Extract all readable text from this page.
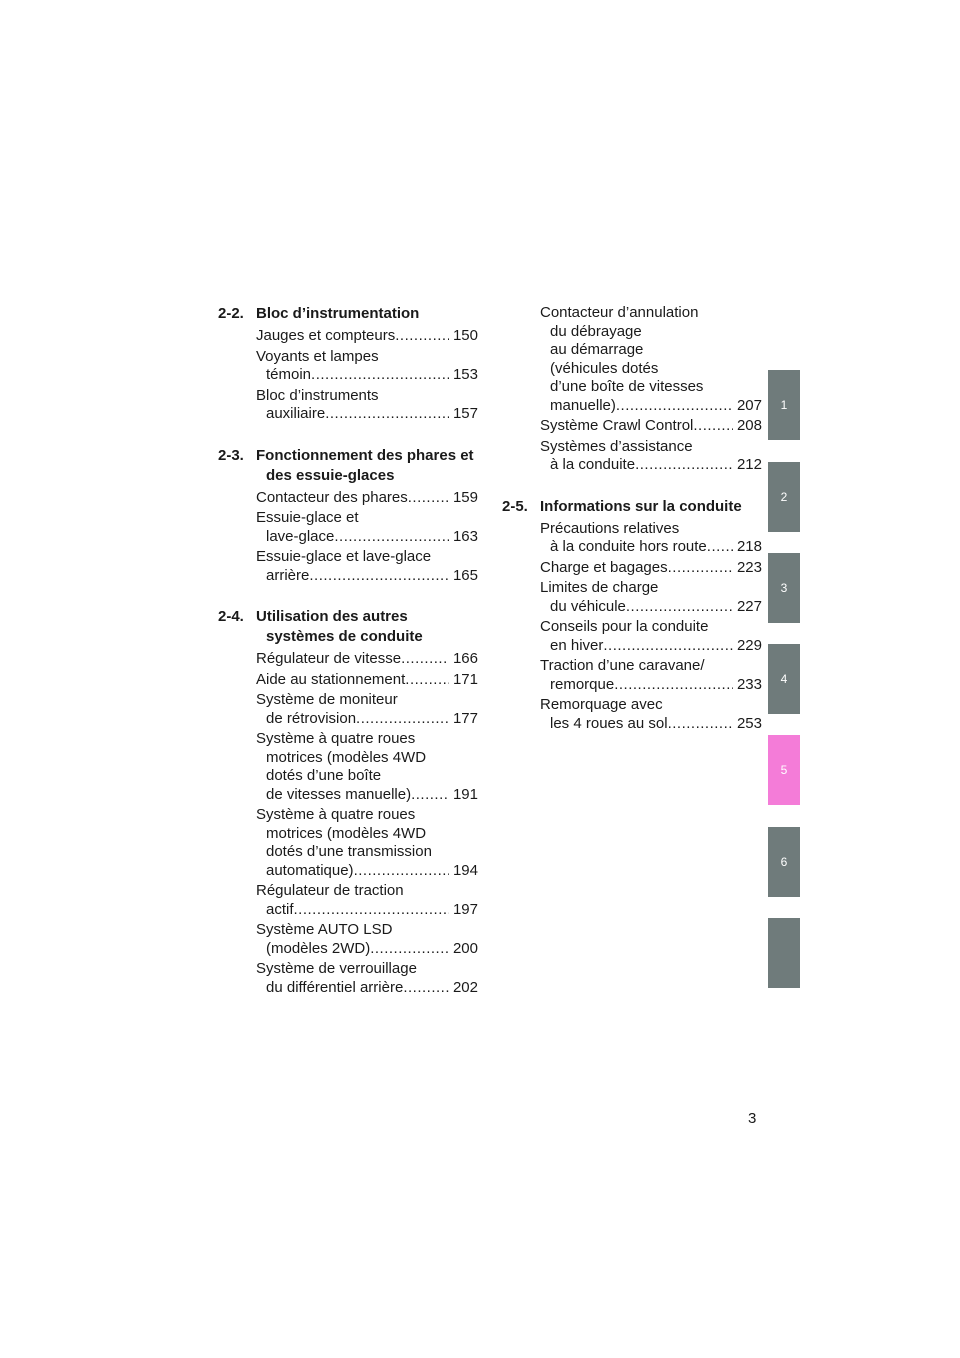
2-2. Bloc d’instrumentation
Jauges et compteurs .....	150
Voyants et lampes
témoin .....	153
Bloc d’instruments
auxiliaire .....	157
2-3. Fonctionnement des phares et
des essuie-glaces
Contacteur des phares .....	159
Essuie-glace et
lave-glace .....	163
Essuie-glace et lave-glace
arrière .....	165
2-4. Utilisation des autres
systèmes de conduite
Régulateur de vitesse .....	166
Aide au stationnement .....	171
Système de moniteur
de rétrovision .....	177
Système à quatre roues
motrices (modèles 4WD
dotés d’une boîte
de vitesses manuelle) .....	191
Système à quatre roues
motrices (modèles 4WD
dotés d’une transmission
automatique) .....	194
Régulateur de traction
actif .....	197
Système AUTO LSD
(modèles 2WD) .....	200
Système de verrouillage
du différentiel arrière .....	202
Contacteur d’annulation
du débrayage
au démarrage
(véhicules dotés
d’une boîte de vitesses
manuelle) .....	207
Système Crawl Control .....	208
Systèmes d’assistance
à la conduite .....	212
2-5. Informations sur la conduite
Précautions relatives
à la conduite hors route ..... 218
Charge et bagages .....	223
Limites de charge
du véhicule .....	227
Conseils pour la conduite
en hiver .....	229
Traction d’une caravane/
remorque .....	233
Remorquage avec
les 4 roues au sol .....	253
1
2
3
4
5
6
3
